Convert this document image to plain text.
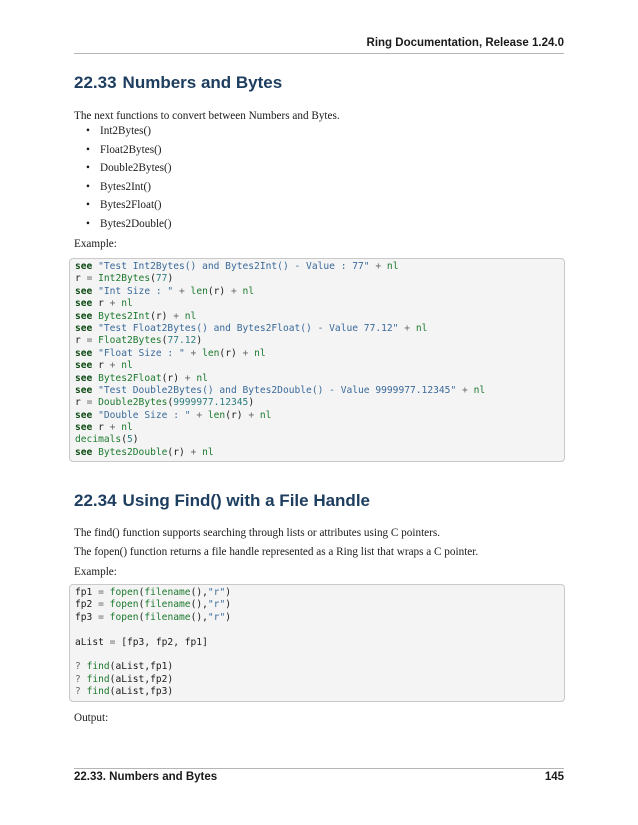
Ring Documentation, Release 1.24.0
22.33 Numbers and Bytes

The next functions to convert between Numbers and Bytes.

• Int2Bytes()
• Float2Bytes()
• Double2Bytes()
• Bytes2Int()
• Bytes2Float()
• Bytes2Double()

Example:

see "Test Int2Bytes() and Bytes2Int() - Value : 77" + nl
r = Int2Bytes(77)
see "Int Size : " + len(r) + nl
see r + nl
see Bytes2Int(r) + nl
see "Test Float2Bytes() and Bytes2Float() - Value 77.12" + nl
r = Float2Bytes(77.12)
see "Float Size : " + len(r) + nl
see r + nl
see Bytes2Float(r) + nl
see "Test Double2Bytes() and Bytes2Double() - Value 9999977.12345" + nl
r = Double2Bytes(9999977.12345)
see "Double Size : " + len(r) + nl
see r + nl
decimals(5)
see Bytes2Double(r) + nl
22.34 Using Find() with a File Handle

The find() function supports searching through lists or attributes using C pointers.

The fopen() function returns a file handle represented as a Ring list that wraps a C pointer.

Example:

fp1 = fopen(filename(),"r")
fp2 = fopen(filename(),"r")
fp3 = fopen(filename(),"r")
aList = [fp3, fp2, fp1]
? find(aList,fp1)
? find(aList,fp2)
? find(aList,fp3)

Output:

22.33. Numbers and Bytes	145
